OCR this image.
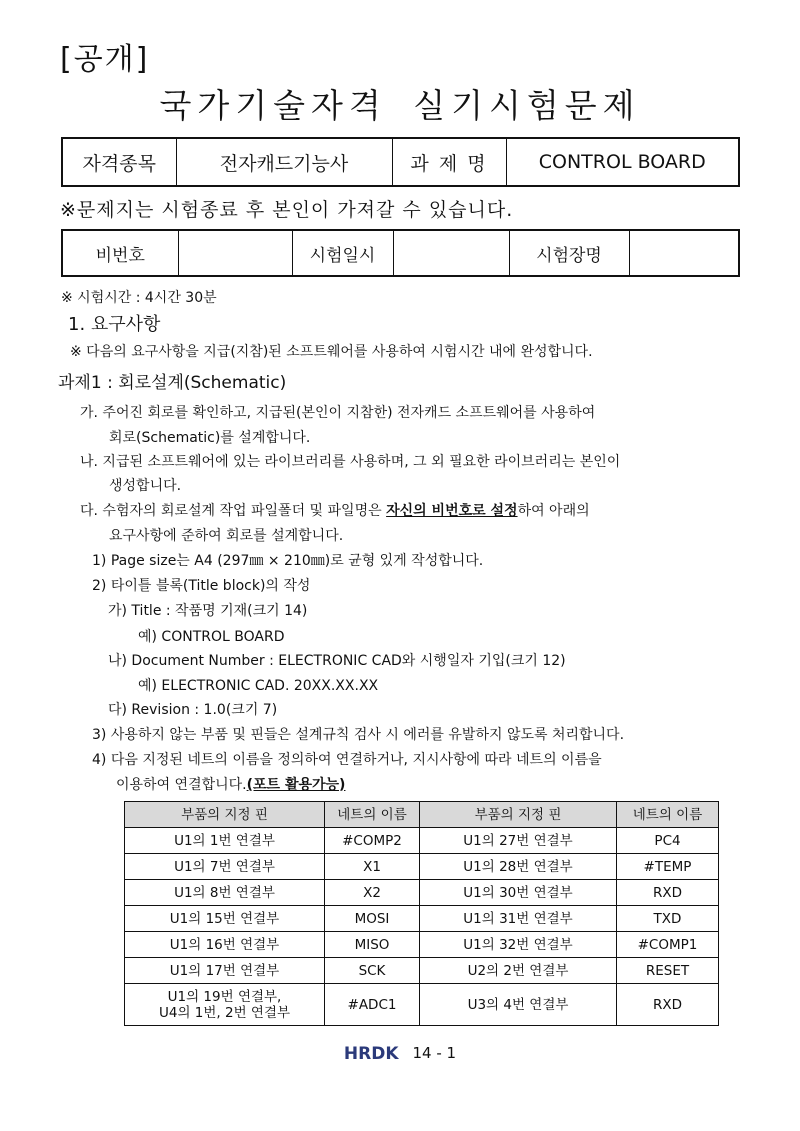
[공개]
국가기술자격 실기시험문제
자격종목	전자캐드기능사	과 제 명	CONTROL BOARD
※문제지는 시험종료 후 본인이 가져갈 수 있습니다.
비번호		시험일시		시험장명	
※ 시험시간 : 4시간 30분
1. 요구사항
※ 다음의 요구사항을 지급(지참)된 소프트웨어를 사용하여 시험시간 내에 완성합니다.
과제1 : 회로설계(Schematic)
가. 주어진 회로를 확인하고, 지급된(본인이 지참한) 전자캐드 소프트웨어를 사용하여
회로(Schematic)를 설계합니다.
나. 지급된 소프트웨어에 있는 라이브러리를 사용하며, 그 외 필요한 라이브러리는 본인이
생성합니다.
다. 수험자의 회로설계 작업 파일폴더 및 파일명은 자신의 비번호로 설정하여 아래의
요구사항에 준하여 회로를 설계합니다.
1) Page size는 A4 (297㎜ × 210㎜)로 균형 있게 작성합니다.
2) 타이틀 블록(Title block)의 작성
가) Title : 작품명 기재(크기 14)
예) CONTROL BOARD
나) Document Number : ELECTRONIC CAD와 시행일자 기입(크기 12)
예) ELECTRONIC CAD. 20XX.XX.XX
다) Revision : 1.0(크기 7)
3) 사용하지 않는 부품 및 핀들은 설계규칙 검사 시 에러를 유발하지 않도록 처리합니다.
4) 다음 지정된 네트의 이름을 정의하여 연결하거나, 지시사항에 따라 네트의 이름을
이용하여 연결합니다.(포트 활용가능)
부품의 지정 핀	네트의 이름	부품의 지정 핀	네트의 이름
U1의 1번 연결부	#COMP2	U1의 27번 연결부	PC4
U1의 7번 연결부	X1	U1의 28번 연결부	#TEMP
U1의 8번 연결부	X2	U1의 30번 연결부	RXD
U1의 15번 연결부	MOSI	U1의 31번 연결부	TXD
U1의 16번 연결부	MISO	U1의 32번 연결부	#COMP1
U1의 17번 연결부	SCK	U2의 2번 연결부	RESET

U1의 19번 연결부,
U4의 1번, 2번 연결부	#ADC1	U3의 4번 연결부	RXD
HRDK 14 - 1
